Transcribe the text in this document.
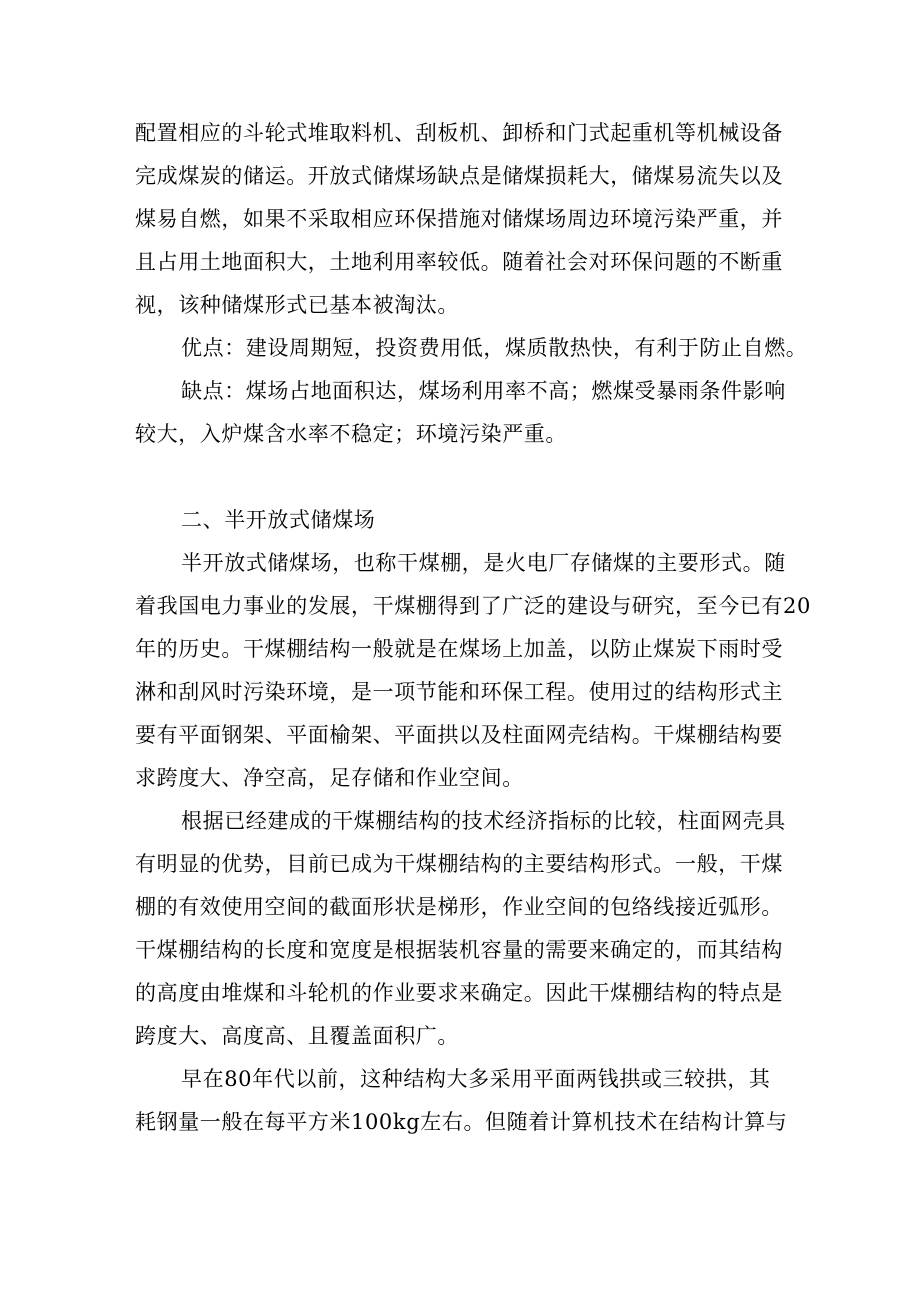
配置相应的斗轮式堆取料机、刮板机、卸桥和门式起重机等机械设备
完成煤炭的储运。开放式储煤场缺点是储煤损耗大，储煤易流失以及
煤易自燃，如果不采取相应环保措施对储煤场周边环境污染严重，并
且占用土地面积大，土地利用率较低。随着社会对环保问题的不断重
视，该种储煤形式已基本被淘汰。
优点：建设周期短，投资费用低，煤质散热快，有利于防止自燃。
缺点：煤场占地面积达，煤场利用率不高；燃煤受暴雨条件影响
较大，入炉煤含水率不稳定；环境污染严重。
二、半开放式储煤场
半开放式储煤场，也称干煤棚，是火电厂存储煤的主要形式。随
着我国电力事业的发展，干煤棚得到了广泛的建设与研究，至今已有20
年的历史。干煤棚结构一般就是在煤场上加盖，以防止煤炭下雨时受
淋和刮风时污染环境，是一项节能和环保工程。使用过的结构形式主
要有平面钢架、平面榆架、平面拱以及柱面网壳结构。干煤棚结构要
求跨度大、净空高，足存储和作业空间。
根据已经建成的干煤棚结构的技术经济指标的比较，柱面网壳具
有明显的优势，目前已成为干煤棚结构的主要结构形式。一般，干煤
棚的有效使用空间的截面形状是梯形，作业空间的包络线接近弧形。
干煤棚结构的长度和宽度是根据装机容量的需要来确定的，而其结构
的高度由堆煤和斗轮机的作业要求来确定。因此干煤棚结构的特点是
跨度大、高度高、且覆盖面积广。
早在80年代以前，这种结构大多采用平面两钱拱或三较拱，其
耗钢量一般在每平方米100kg左右。但随着计算机技术在结构计算与
